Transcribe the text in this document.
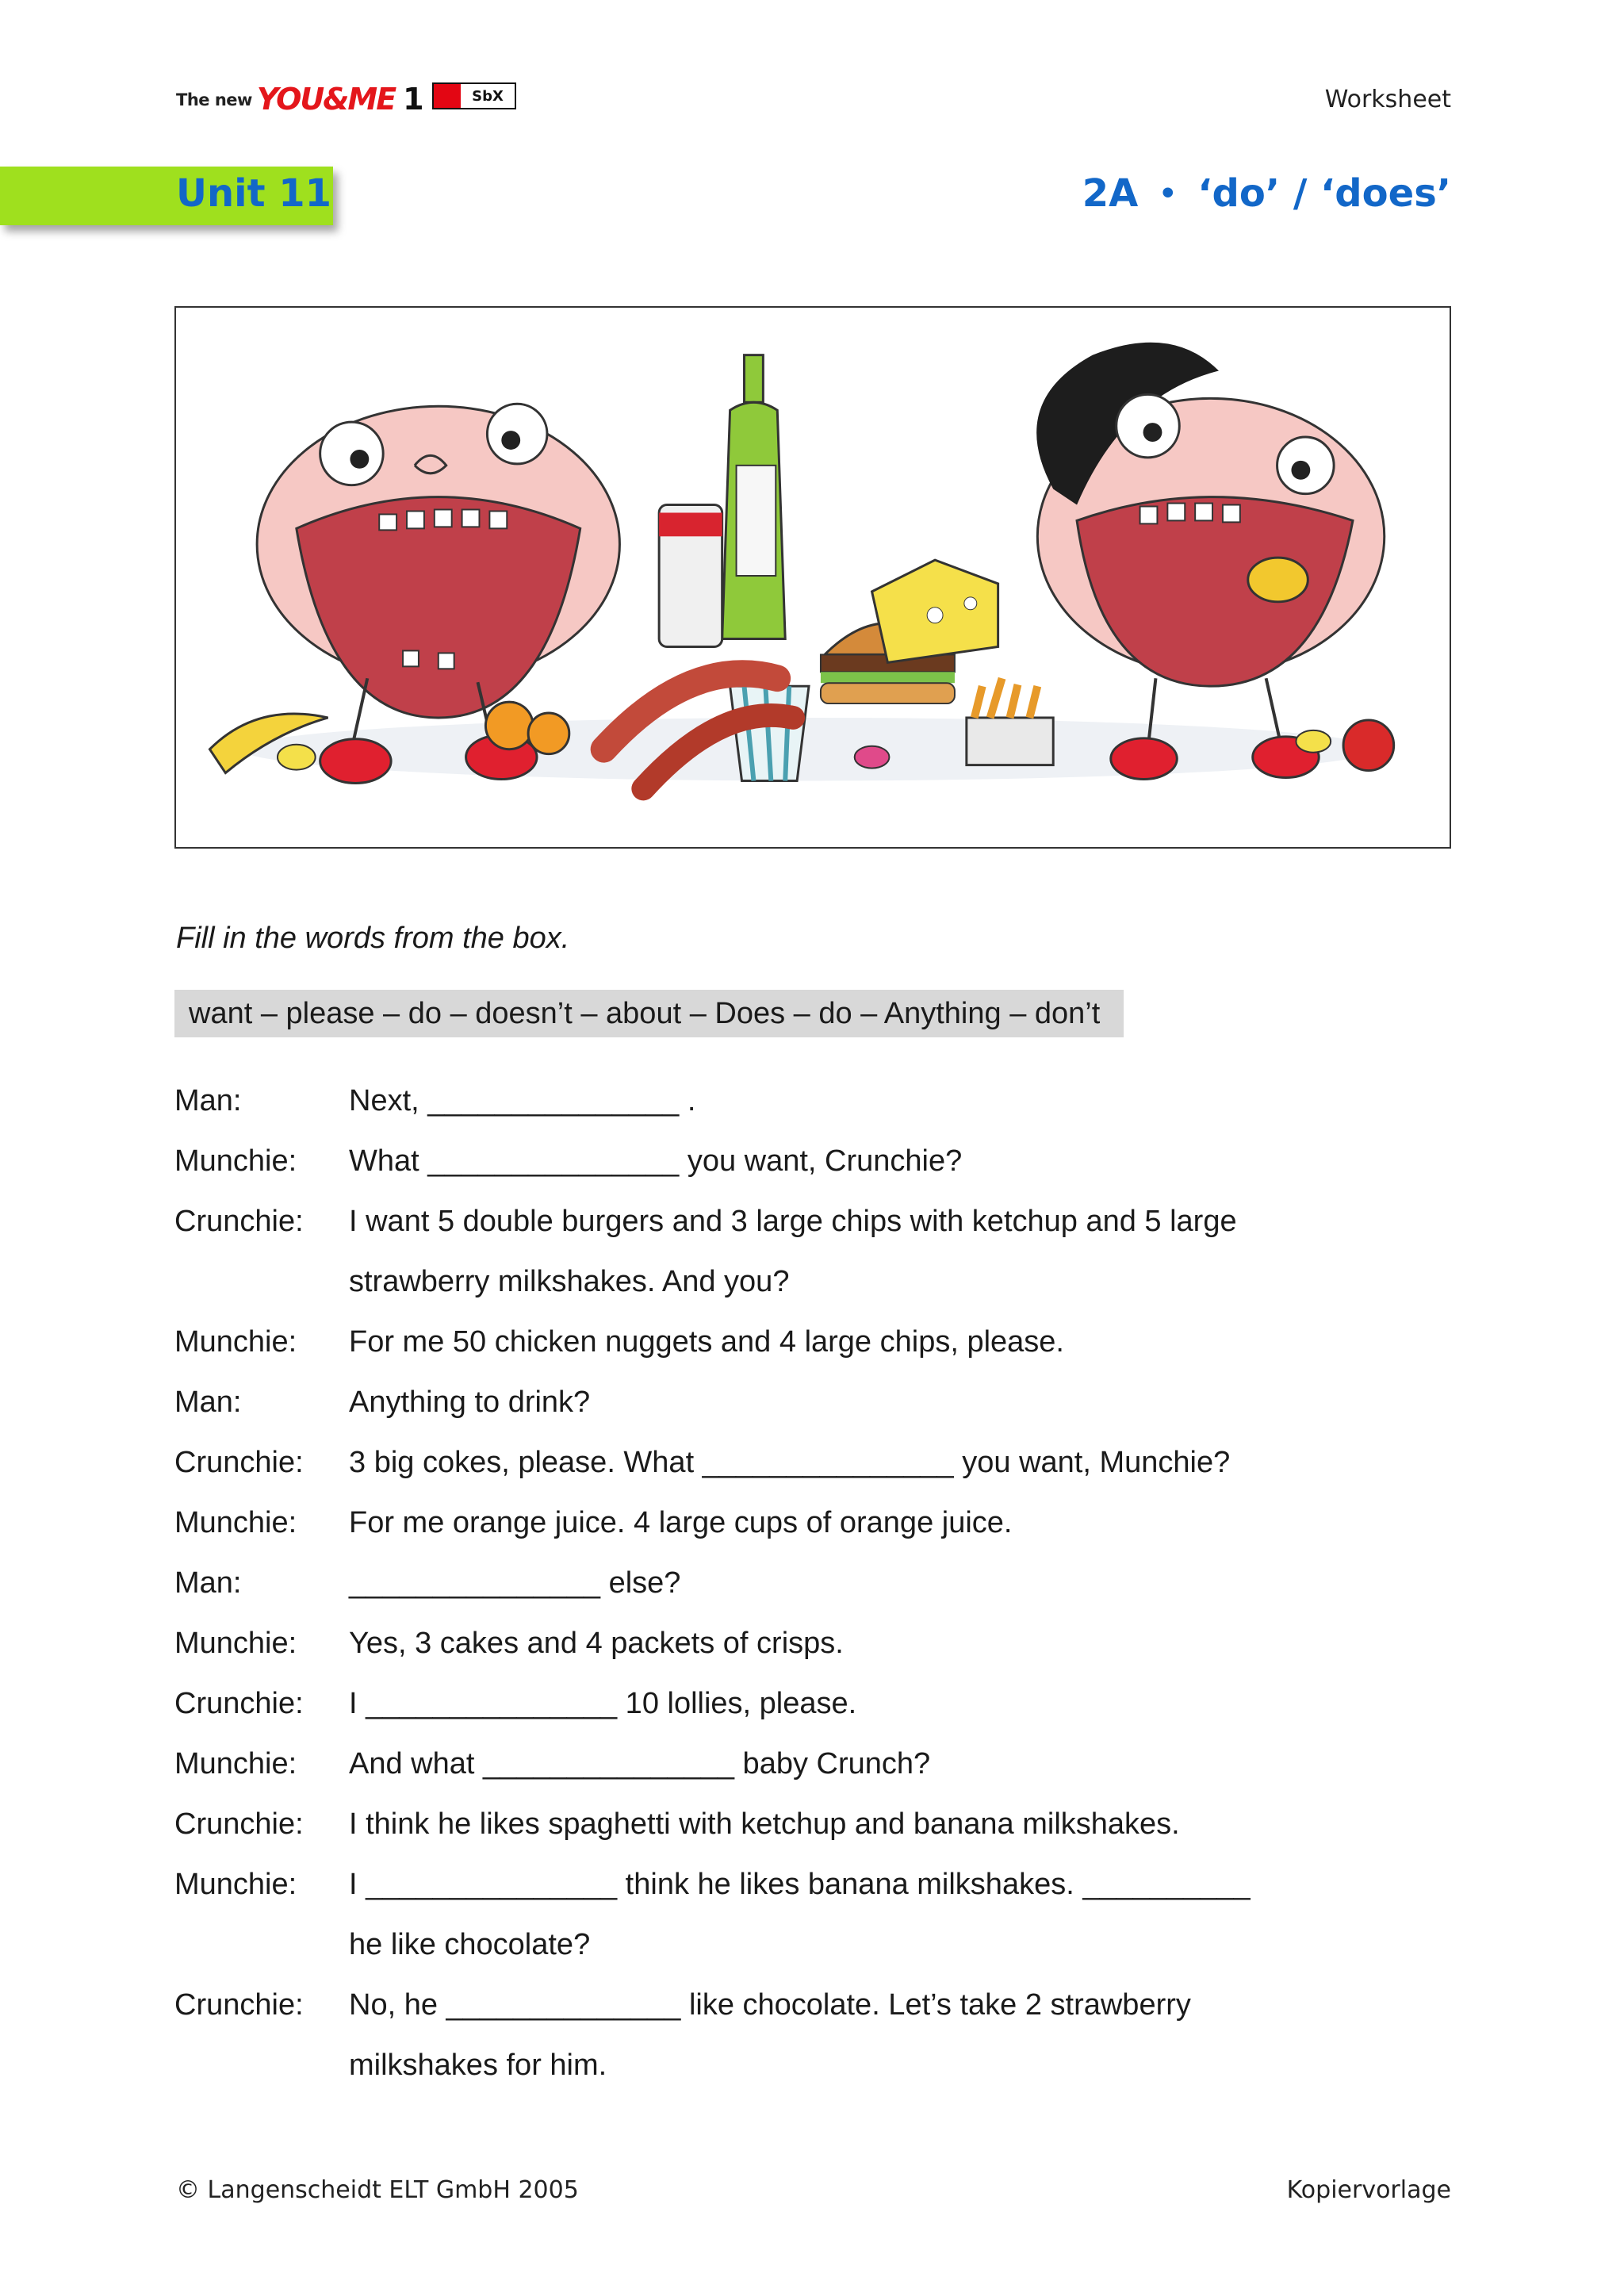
The new YOU&ME 1	SbX	Worksheet
Unit 11	2A • ‘do’ / ‘does’
Fill in the words from the box.
want – please – do – doesn’t – about – Does – do – Anything – don’t
Man:	Next, _______________ .
Munchie:	What _______________ you want, Crunchie?
Crunchie:	I want 5 double burgers and 3 large chips with ketchup and 5 large
strawberry milkshakes. And you?
Munchie:	For me 50 chicken nuggets and 4 large chips, please.
Man:	Anything to drink?
Crunchie:	3 big cokes, please. What _______________ you want, Munchie?
Munchie:	For me orange juice. 4 large cups of orange juice.
Man:	_______________ else?
Munchie:	Yes, 3 cakes and 4 packets of crisps.
Crunchie:	I _______________ 10 lollies, please.
Munchie:	And what _______________ baby Crunch?
Crunchie:	I think he likes spaghetti with ketchup and banana milkshakes.
Munchie:	I _______________ think he likes banana milkshakes. __________
he like chocolate?
Crunchie:	No, he ______________ like chocolate. Let’s take 2 strawberry
milkshakes for him.
© Langenscheidt ELT GmbH 2005	Kopiervorlage
